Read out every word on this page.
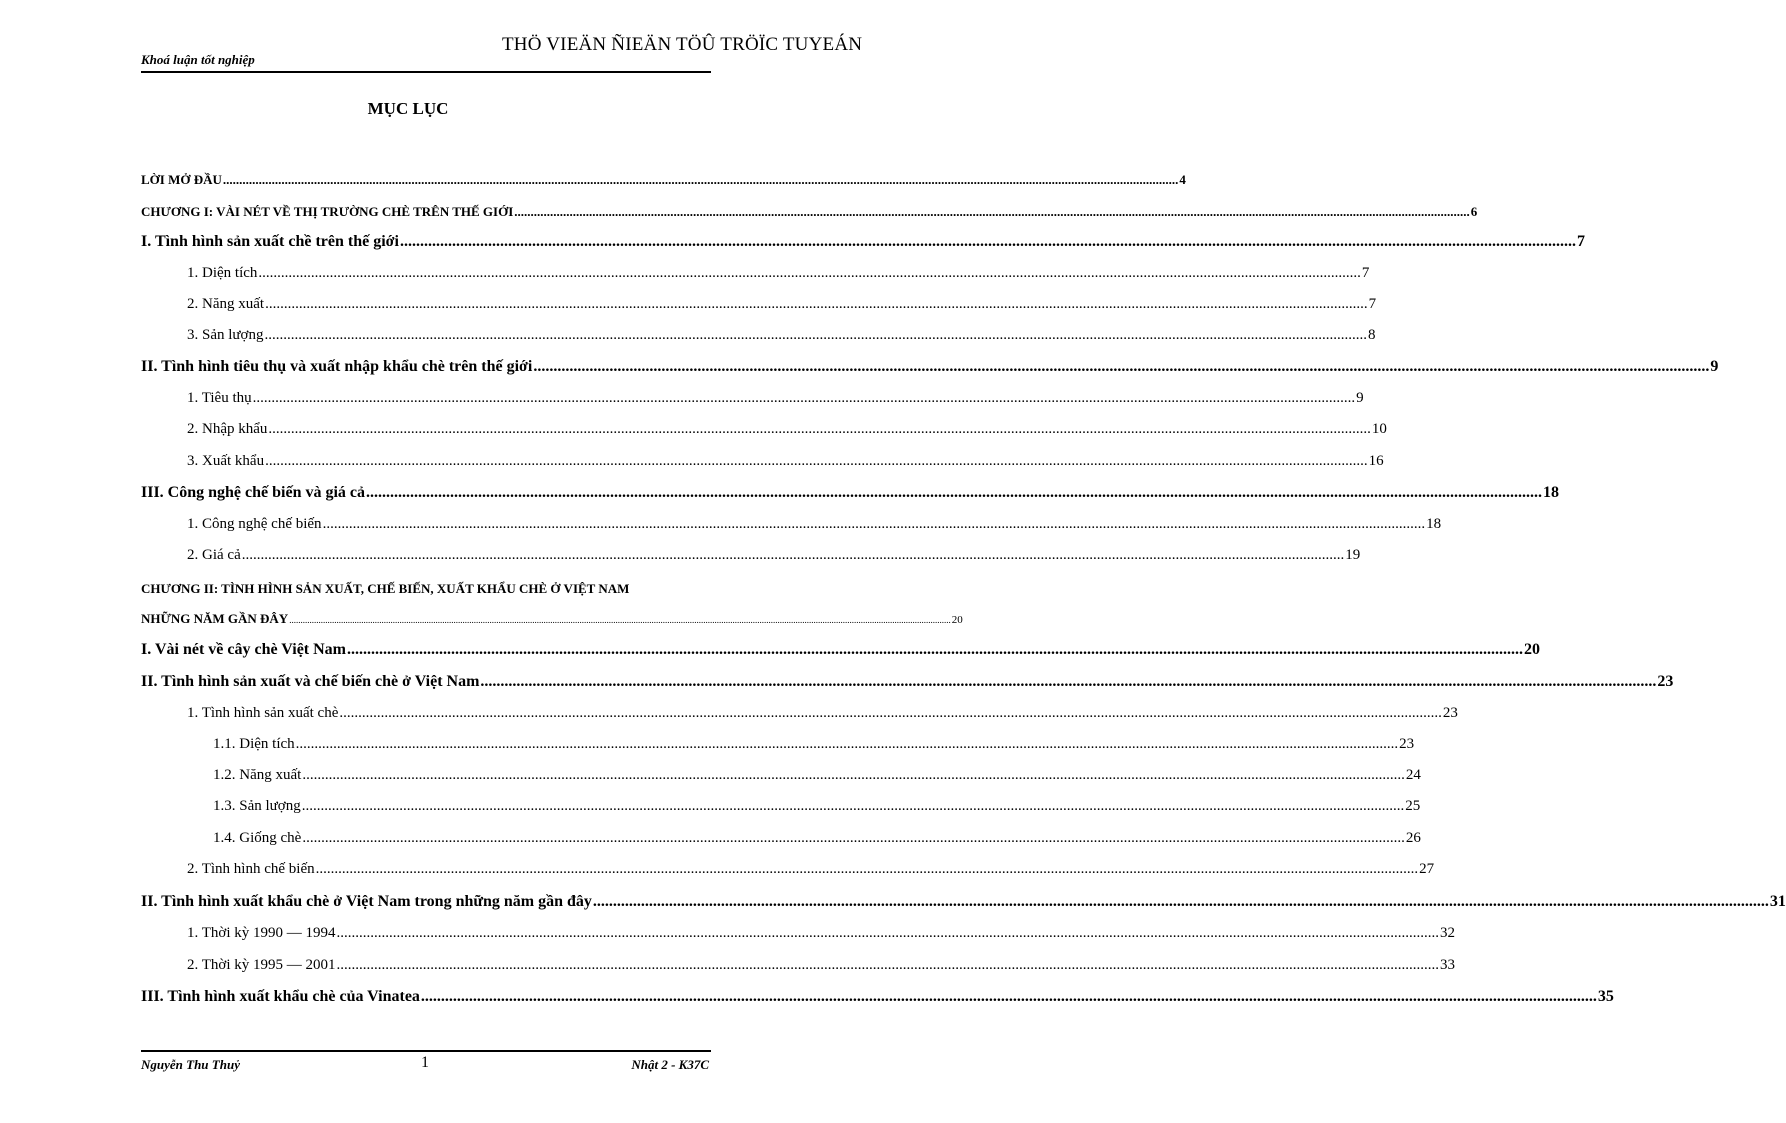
Khoá luận tốt nghiệp
THÖ VIEÄN ÑIEÄN TÖÛ TRÖÏC TUYEÁN
MỤC LỤC
LỜI MỞ ĐẦU .....	4
CHƯƠNG I: VÀI NÉT VỀ THỊ TRƯỜNG CHÈ TRÊN THẾ GIỚI .....	6
I. Tình hình sản xuất chề trên thế giới .....	7
1. Diện tích .....	7
2. Năng xuất .....	7
3. Sản lượng .....	8
II. Tình hình tiêu thụ và xuất nhập khẩu chè trên thế giới .....	9
1. Tiêu thụ .....	9
2. Nhập khẩu .....	10
3. Xuất khẩu .....	16
III. Công nghệ chế biến và giá cả .....	18
1. Công nghệ chế biến .....	18
2. Giá cả .....	19
CHƯƠNG II: TÌNH HÌNH SẢN XUẤT, CHẾ BIẾN, XUẤT KHẨU CHÈ Ở VIỆT NAM
NHỮNG NĂM GẦN ĐÂY .....	20
I. Vài nét về cây chè Việt Nam .....	20
II. Tình hình sản xuất và chế biến chè ở Việt Nam .....	23
1. Tình hình sản xuất chè .....	23
1.1. Diện tích .....	23
1.2. Năng xuất .....	24
1.3. Sản lượng .....	25
1.4. Giống chè .....	26
2. Tình hình chế biến .....	27
II. Tình hình xuất khẩu chè ở Việt Nam trong những năm gần đây .....	31
1. Thời kỳ 1990 — 1994 .....	32
2. Thời kỳ 1995 — 2001 .....	33
III. Tình hình xuất khẩu chè của Vinatea .....	35
Nguyễn Thu Thuỷ	1	Nhật 2 - K37C
